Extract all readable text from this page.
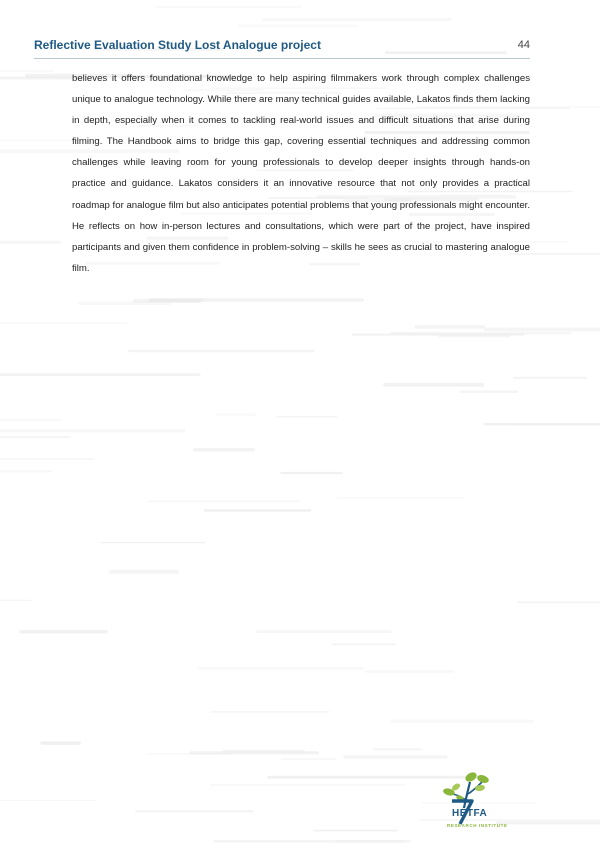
Reflective Evaluation Study Lost Analogue project	44

believes it offers foundational knowledge to help aspiring filmmakers work through complex challenges unique to analogue technology. While there are many technical guides available, Lakatos finds them lacking in depth, especially when it comes to tackling real-world issues and difficult situations that arise during filming. The Handbook aims to bridge this gap, covering essential techniques and addressing common challenges while leaving room for young professionals to develop deeper insights through hands-on practice and guidance. Lakatos considers it an innovative resource that not only provides a practical roadmap for analogue film but also anticipates potential problems that young professionals might encounter. He reflects on how in-person lectures and consultations, which were part of the project, have inspired participants and given them confidence in problem-solving – skills he sees as crucial to mastering analogue film.

HÉTFA
RESEARCH INSTITUTE
